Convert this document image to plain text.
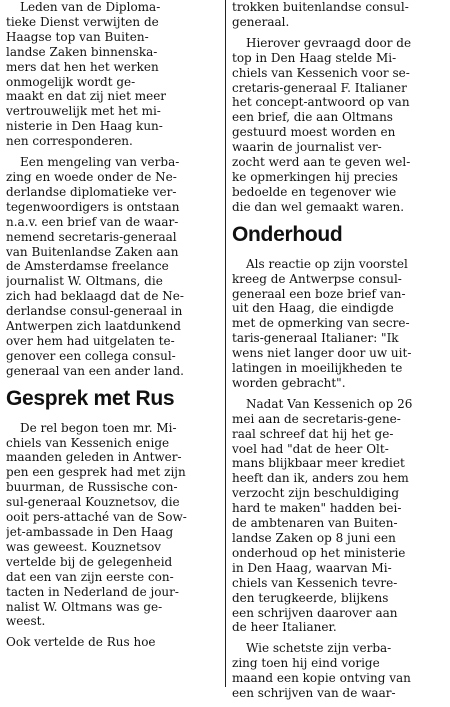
Leden van de Diploma-
tieke Dienst verwijten de
Haagse top van Buiten-
landse Zaken binnenska-
mers dat hen het werken
onmogelijk wordt ge-
maakt en dat zij niet meer
vertrouwelijk met het mi-
nisterie in Den Haag kun-
nen corresponderen.

Een mengeling van verba-
zing en woede onder de Ne-
derlandse diplomatieke ver-
tegenwoordigers is ontstaan
n.a.v. een brief van de waar-
nemend secretaris-generaal
van Buitenlandse Zaken aan
de Amsterdamse freelance
journalist W. Oltmans, die
zich had beklaagd dat de Ne-
derlandse consul-generaal in
Antwerpen zich laatdunkend
over hem had uitgelaten te-
genover een collega consul-
generaal van een ander land.

Gesprek met Rus

De rel begon toen mr. Mi-
chiels van Kessenich enige
maanden geleden in Antwer-
pen een gesprek had met zijn
buurman, de Russische con-
sul-generaal Kouznetsov, die
ooit pers-attaché van de Sow-
jet-ambassade in Den Haag
was geweest. Kouznetsov
vertelde bij de gelegenheid
dat een van zijn eerste con-
tacten in Nederland de jour-
nalist W. Oltmans was ge-
weest.

Ook vertelde de Rus hoe

trokken buitenlandse consul-
generaal.

Hierover gevraagd door de
top in Den Haag stelde Mi-
chiels van Kessenich voor se-
cretaris-generaal F. Italianer
het concept-antwoord op van
een brief, die aan Oltmans
gestuurd moest worden en
waarin de journalist ver-
zocht werd aan te geven wel-
ke opmerkingen hij precies
bedoelde en tegenover wie
die dan wel gemaakt waren.

Onderhoud

Als reactie op zijn voorstel
kreeg de Antwerpse consul-
generaal een boze brief van-
uit den Haag, die eindigde
met de opmerking van secre-
taris-generaal Italianer: "Ik
wens niet langer door uw uit-
latingen in moeilijkheden te
worden gebracht".

Nadat Van Kessenich op 26
mei aan de secretaris-gene-
raal schreef dat hij het ge-
voel had "dat de heer Olt-
mans blijkbaar meer krediet
heeft dan ik, anders zou hem
verzocht zijn beschuldiging
hard te maken" hadden bei-
de ambtenaren van Buiten-
landse Zaken op 8 juni een
onderhoud op het ministerie
in Den Haag, waarvan Mi-
chiels van Kessenich tevre-
den terugkeerde, blijkens
een schrijven daarover aan
de heer Italianer.

Wie schetste zijn verba-
zing toen hij eind vorige
maand een kopie ontving van
een schrijven van de waar-
